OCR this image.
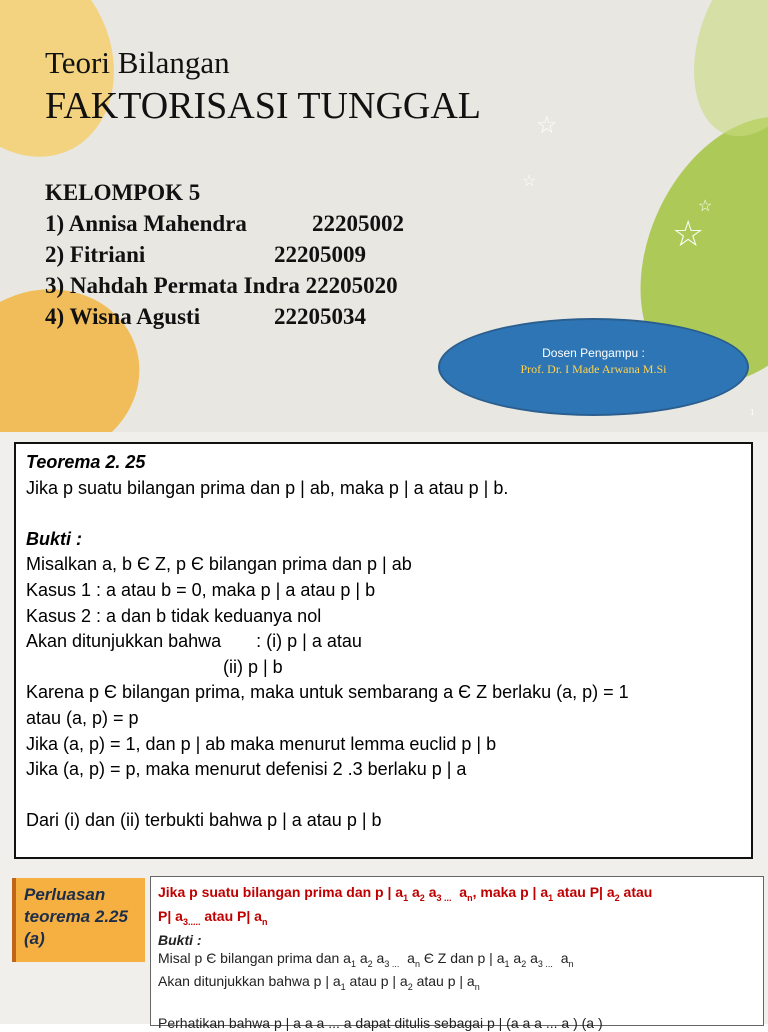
☆
☆
☆
☆
Teori Bilangan
FAKTORISASI TUNGGAL
KELOMPOK 5
1) Annisa Mahendra	22205002
2) Fitriani	22205009
3) Nahdah Permata Indra 22205020
4) Wisna Agusti	22205034
Dosen Pengampu :
Prof. Dr. I Made Arwana M.Si
1
Teorema 2. 25
Jika p suatu bilangan prima dan p | ab, maka p | a atau p | b.
Bukti :
Misalkan a, b Є Z, p Є bilangan prima dan p | ab
Kasus 1 : a atau b = 0, maka p | a atau p | b
Kasus 2 : a dan b tidak keduanya nol
Akan ditunjukkan bahwa       : (i) p | a atau
(ii) p | b
Karena p Є bilangan prima, maka untuk sembarang a Є Z berlaku (a, p) = 1
atau (a, p) = p
Jika (a, p) = 1, dan p | ab maka menurut lemma euclid p | b
Jika (a, p) = p, maka menurut defenisi 2 .3 berlaku p | a
Dari (i) dan (ii) terbukti bahwa p | a atau p | b
Perluasan
teorema 2.25
(a)
Jika p suatu bilangan prima dan p | $a_1$ $a_2$ $a_{3 ...}$  $a_n$, maka p | $a_1$ atau P| $a_2$ atau
P| $a_{3.....}$ atau P| $a_n$
Bukti :
Misal p Є bilangan prima dan $a_1$ $a_2$ $a_{3 ...}$  $a_n$ Є Z dan p | $a_1$ $a_2$ $a_{3 ...}$  $a_n$
Akan ditunjukkan bahwa p | $a_1$ atau p | $a_2$ atau p | $a_n$
Perhatikan bahwa p | a a a ... a dapat ditulis sebagai p | (a a a ... a ) (a )
